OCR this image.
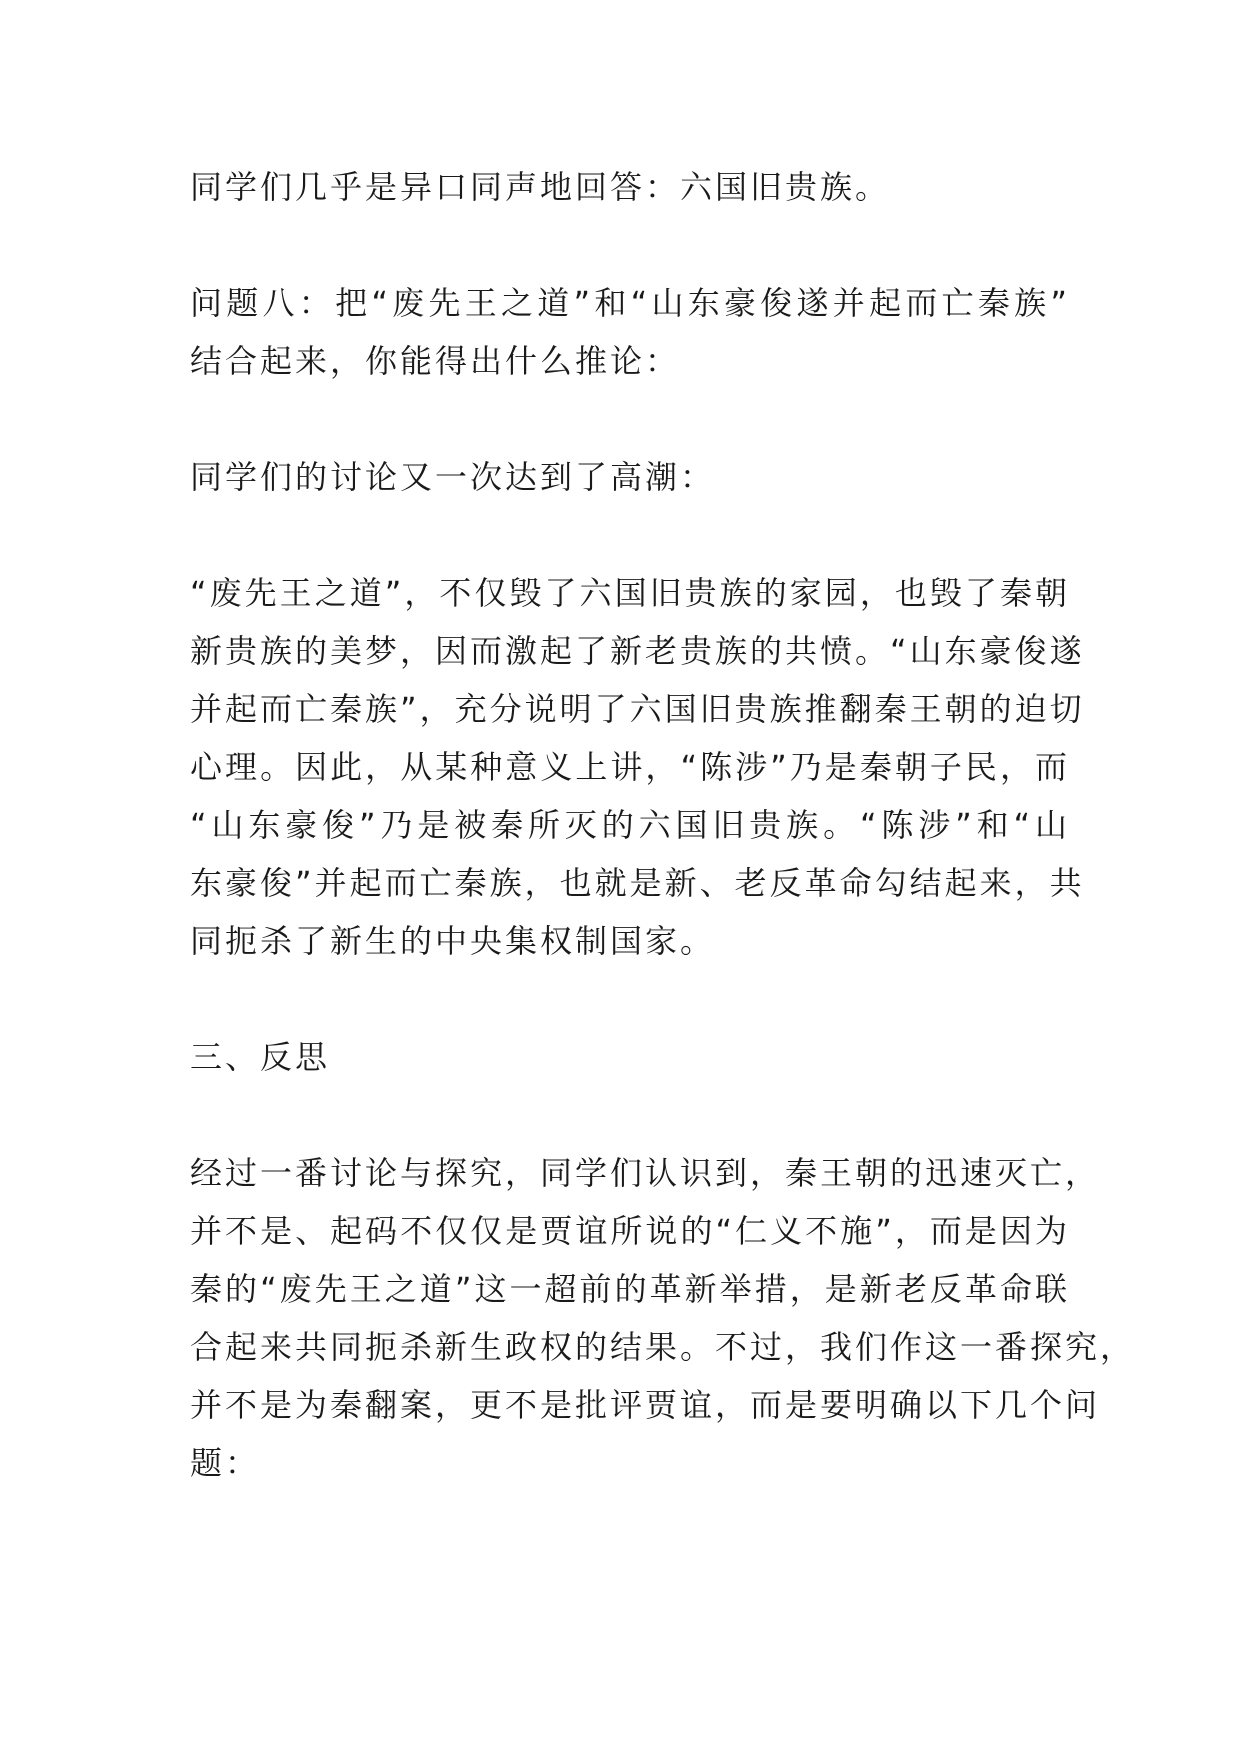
同学们几乎是异口同声地回答：六国旧贵族。

问题八：把“废先王之道”和“山东豪俊遂并起而亡秦族”
结合起来，你能得出什么推论：

同学们的讨论又一次达到了高潮：

“废先王之道”，不仅毁了六国旧贵族的家园，也毁了秦朝
新贵族的美梦，因而激起了新老贵族的共愤。“山东豪俊遂
并起而亡秦族”，充分说明了六国旧贵族推翻秦王朝的迫切
心理。因此，从某种意义上讲，“陈涉”乃是秦朝子民，而
“山东豪俊”乃是被秦所灭的六国旧贵族。“陈涉”和“山
东豪俊”并起而亡秦族，也就是新、老反革命勾结起来，共
同扼杀了新生的中央集权制国家。

三、反思

经过一番讨论与探究，同学们认识到，秦王朝的迅速灭亡，
并不是、起码不仅仅是贾谊所说的“仁义不施”，而是因为
秦的“废先王之道”这一超前的革新举措，是新老反革命联
合起来共同扼杀新生政权的结果。不过，我们作这一番探究，
并不是为秦翻案，更不是批评贾谊，而是要明确以下几个问
题：
